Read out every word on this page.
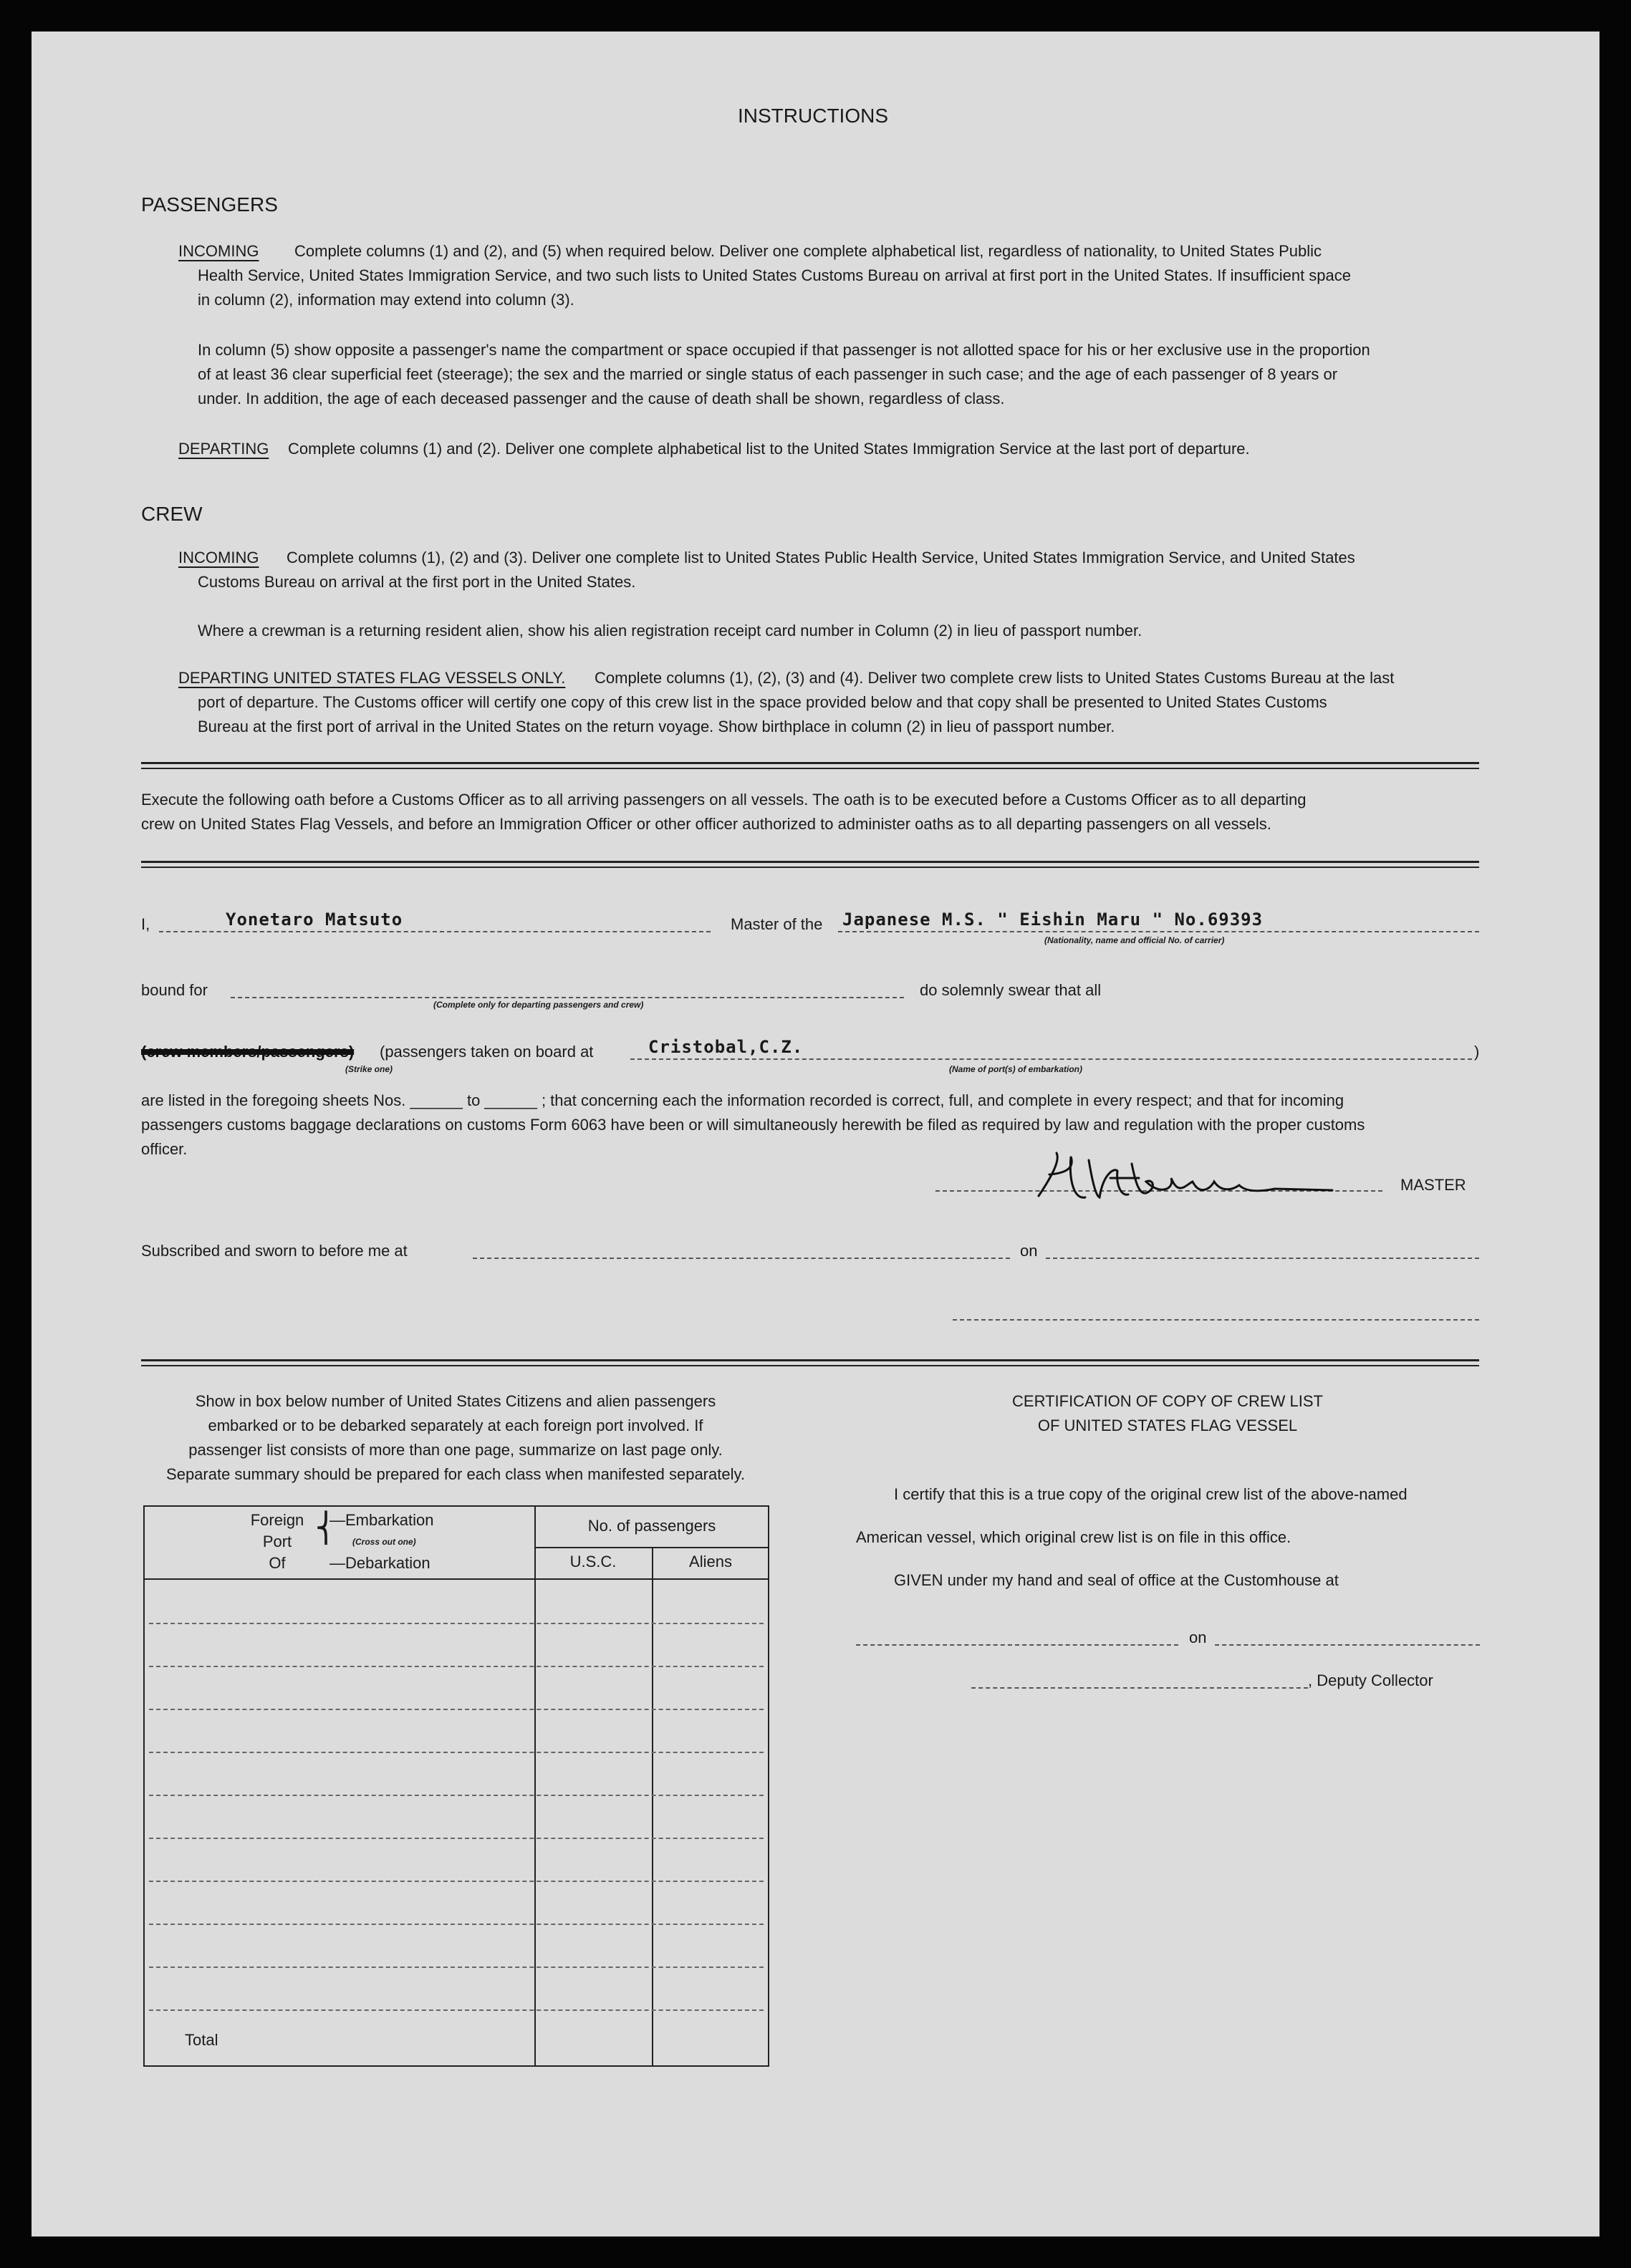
INSTRUCTIONS
PASSENGERS
INCOMING Complete columns (1) and (2), and (5) when required below. Deliver one complete alphabetical list, regardless of nationality, to United States Public
Health Service, United States Immigration Service, and two such lists to United States Customs Bureau on arrival at first port in the United States. If insufficient space
in column (2), information may extend into column (3).
In column (5) show opposite a passenger's name the compartment or space occupied if that passenger is not allotted space for his or her exclusive use in the proportion
of at least 36 clear superficial feet (steerage); the sex and the married or single status of each passenger in such case; and the age of each passenger of 8 years or
under. In addition, the age of each deceased passenger and the cause of death shall be shown, regardless of class.
DEPARTING Complete columns (1) and (2). Deliver one complete alphabetical list to the United States Immigration Service at the last port of departure.
CREW
INCOMING Complete columns (1), (2) and (3). Deliver one complete list to United States Public Health Service, United States Immigration Service, and United States
Customs Bureau on arrival at the first port in the United States.
Where a crewman is a returning resident alien, show his alien registration receipt card number in Column (2) in lieu of passport number.
DEPARTING UNITED STATES FLAG VESSELS ONLY. Complete columns (1), (2), (3) and (4). Deliver two complete crew lists to United States Customs Bureau at the last
port of departure. The Customs officer will certify one copy of this crew list in the space provided below and that copy shall be presented to United States Customs
Bureau at the first port of arrival in the United States on the return voyage. Show birthplace in column (2) in lieu of passport number.
Execute the following oath before a Customs Officer as to all arriving passengers on all vessels. The oath is to be executed before a Customs Officer as to all departing
crew on United States Flag Vessels, and before an Immigration Officer or other officer authorized to administer oaths as to all departing passengers on all vessels.
I,	Yonetaro Matsuto	Master of the Japanese M.S. " Eishin Maru " No.69393
(Nationality, name and official No. of carrier)
bound for
(Complete only for departing passengers and crew)
do solemnly swear that all
(crew members/passengers)
(Strike one)
(passengers taken on board at	Cristobal,C.Z.
(Name of port(s) of embarkation)
)
are listed in the foregoing sheets Nos. ______ to ______ ; that concerning each the information recorded is correct, full, and complete in every respect; and that for incoming
passengers customs baggage declarations on customs Form 6063 have been or will simultaneously herewith be filed as required by law and regulation with the proper customs
officer.
MASTER
Subscribed and sworn to before me at	on
Show in box below number of United States Citizens and alien passengers
embarked or to be debarked separately at each foreign port involved. If
passenger list consists of more than one page, summarize on last page only.
Separate summary should be prepared for each class when manifested separately.
Foreign
Port
Of
⎨
—Embarkation
(Cross out one)
—Debarkation
No. of passengers
U.S.C.	Aliens
Total
CERTIFICATION OF COPY OF CREW LIST
OF UNITED STATES FLAG VESSEL
I certify that this is a true copy of the original crew list of the above-named
American vessel, which original crew list is on file in this office.
GIVEN under my hand and seal of office at the Customhouse at
on
, Deputy Collector
